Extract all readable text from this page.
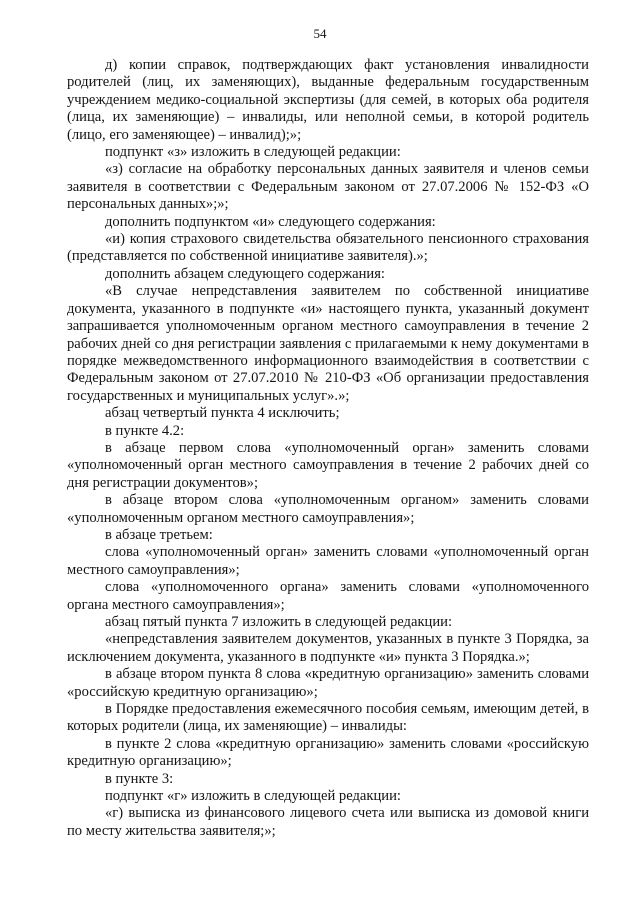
54

д) копии справок, подтверждающих факт установления инвалидности родителей (лиц, их заменяющих), выданные федеральным государственным учреждением медико-социальной экспертизы (для семей, в которых оба родителя (лица, их заменяющие) – инвалиды, или неполной семьи, в которой родитель (лицо, его заменяющее) – инвалид);»;

подпункт «з» изложить в следующей редакции:

«з) согласие на обработку персональных данных заявителя и членов семьи заявителя в соответствии с Федеральным законом от 27.07.2006 № 152-ФЗ «О персональных данных»;»;

дополнить подпунктом «и» следующего содержания:

«и) копия страхового свидетельства обязательного пенсионного страхования (представляется по собственной инициативе заявителя).»;

дополнить абзацем следующего содержания:

«В случае непредставления заявителем по собственной инициативе документа, указанного в подпункте «и» настоящего пункта, указанный документ запрашивается уполномоченным органом местного самоуправления в течение 2 рабочих дней со дня регистрации заявления с прилагаемыми к нему документами в порядке межведомственного информационного взаимодействия в соответствии с Федеральным законом от 27.07.2010 № 210-ФЗ «Об организации предоставления государственных и муниципальных услуг».»;

абзац четвертый пункта 4 исключить;

в пункте 4.2:

в абзаце первом слова «уполномоченный орган» заменить словами «уполномоченный орган местного самоуправления в течение 2 рабочих дней со дня регистрации документов»;

в абзаце втором слова «уполномоченным органом» заменить словами «уполномоченным органом местного самоуправления»;

в абзаце третьем:

слова «уполномоченный орган» заменить словами «уполномоченный орган местного самоуправления»;

слова «уполномоченного органа» заменить словами «уполномоченного органа местного самоуправления»;

абзац пятый пункта 7 изложить в следующей редакции:

«непредставления заявителем документов, указанных в пункте 3 Порядка, за исключением документа, указанного в подпункте «и» пункта 3 Порядка.»;

в абзаце втором пункта 8 слова «кредитную организацию» заменить словами «российскую кредитную организацию»;

в Порядке предоставления ежемесячного пособия семьям, имеющим детей, в которых родители (лица, их заменяющие) – инвалиды:

в пункте 2 слова «кредитную организацию» заменить словами «российскую кредитную организацию»;

в пункте 3:

подпункт «г» изложить в следующей редакции:

«г) выписка из финансового лицевого счета или выписка из домовой книги по месту жительства заявителя;»;
